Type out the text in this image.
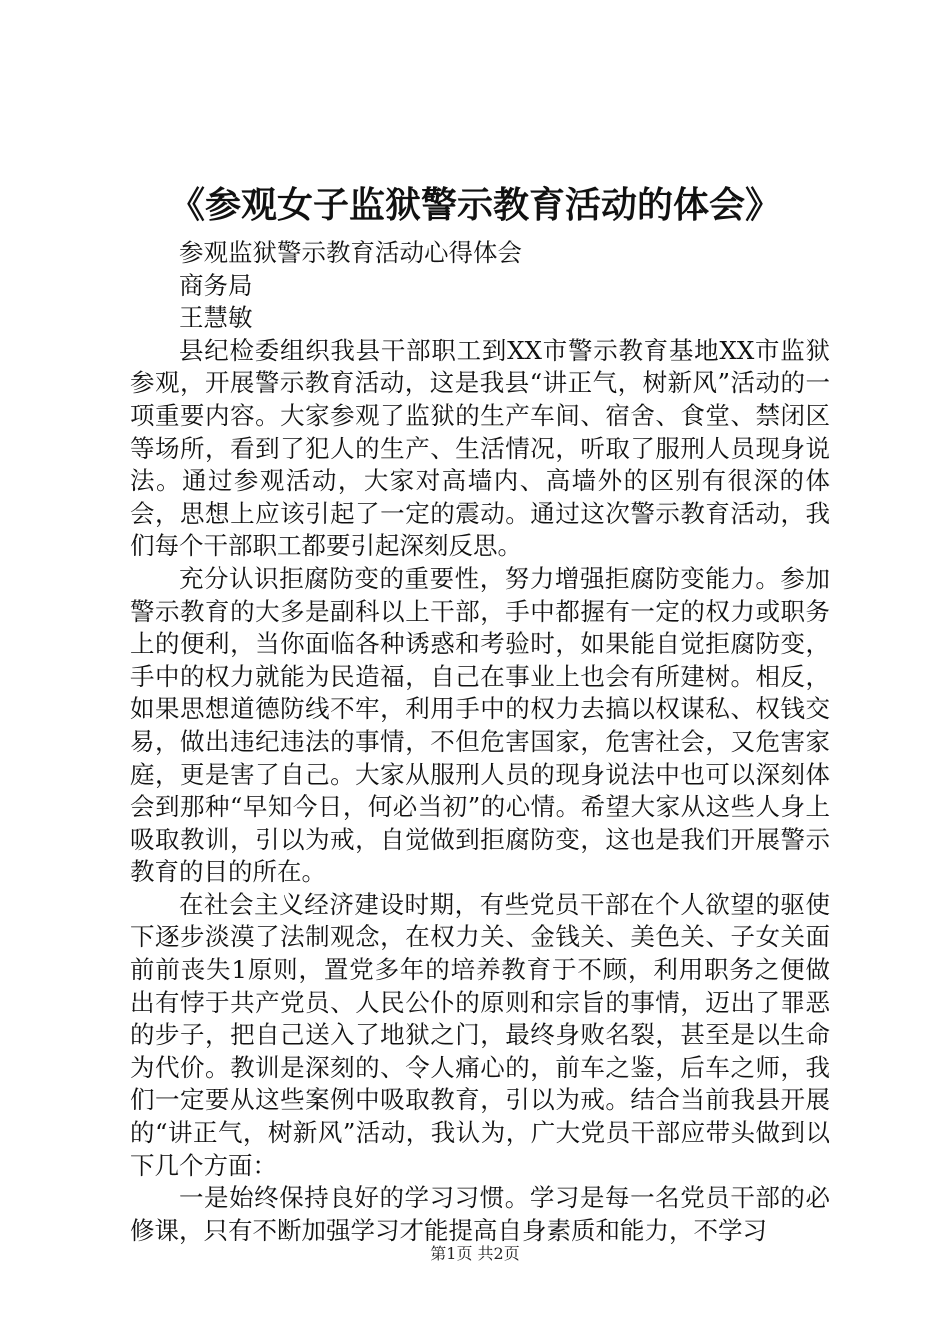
《参观女子监狱警示教育活动的体会》

参观监狱警示教育活动心得体会

商务局

王慧敏

县纪检委组织我县干部职工到XX市警示教育基地XX市监狱参观，开展警示教育活动，这是我县“讲正气，树新风”活动的一项重要内容。大家参观了监狱的生产车间、宿舍、食堂、禁闭区等场所，看到了犯人的生产、生活情况，听取了服刑人员现身说法。通过参观活动，大家对高墙内、高墙外的区别有很深的体会，思想上应该引起了一定的震动。通过这次警示教育活动，我们每个干部职工都要引起深刻反思。

充分认识拒腐防变的重要性，努力增强拒腐防变能力。参加警示教育的大多是副科以上干部，手中都握有一定的权力或职务上的便利，当你面临各种诱惑和考验时，如果能自觉拒腐防变，手中的权力就能为民造福，自己在事业上也会有所建树。相反，如果思想道德防线不牢，利用手中的权力去搞以权谋私、权钱交易，做出违纪违法的事情，不但危害国家，危害社会，又危害家庭，更是害了自己。大家从服刑人员的现身说法中也可以深刻体会到那种“早知今日，何必当初”的心情。希望大家从这些人身上吸取教训，引以为戒，自觉做到拒腐防变，这也是我们开展警示教育的目的所在。

在社会主义经济建设时期，有些党员干部在个人欲望的驱使下逐步淡漠了法制观念，在权力关、金钱关、美色关、子女关面前前丧失1原则，置党多年的培养教育于不顾，利用职务之便做出有悖于共产党员、人民公仆的原则和宗旨的事情，迈出了罪恶的步子，把自己送入了地狱之门，最终身败名裂，甚至是以生命为代价。教训是深刻的、令人痛心的，前车之鉴，后车之师，我们一定要从这些案例中吸取教育，引以为戒。结合当前我县开展的“讲正气，树新风”活动，我认为，广大党员干部应带头做到以下几个方面：

一是始终保持良好的学习习惯。学习是每一名党员干部的必修课，只有不断加强学习才能提高自身素质和能力，不学习

第1页 共2页
